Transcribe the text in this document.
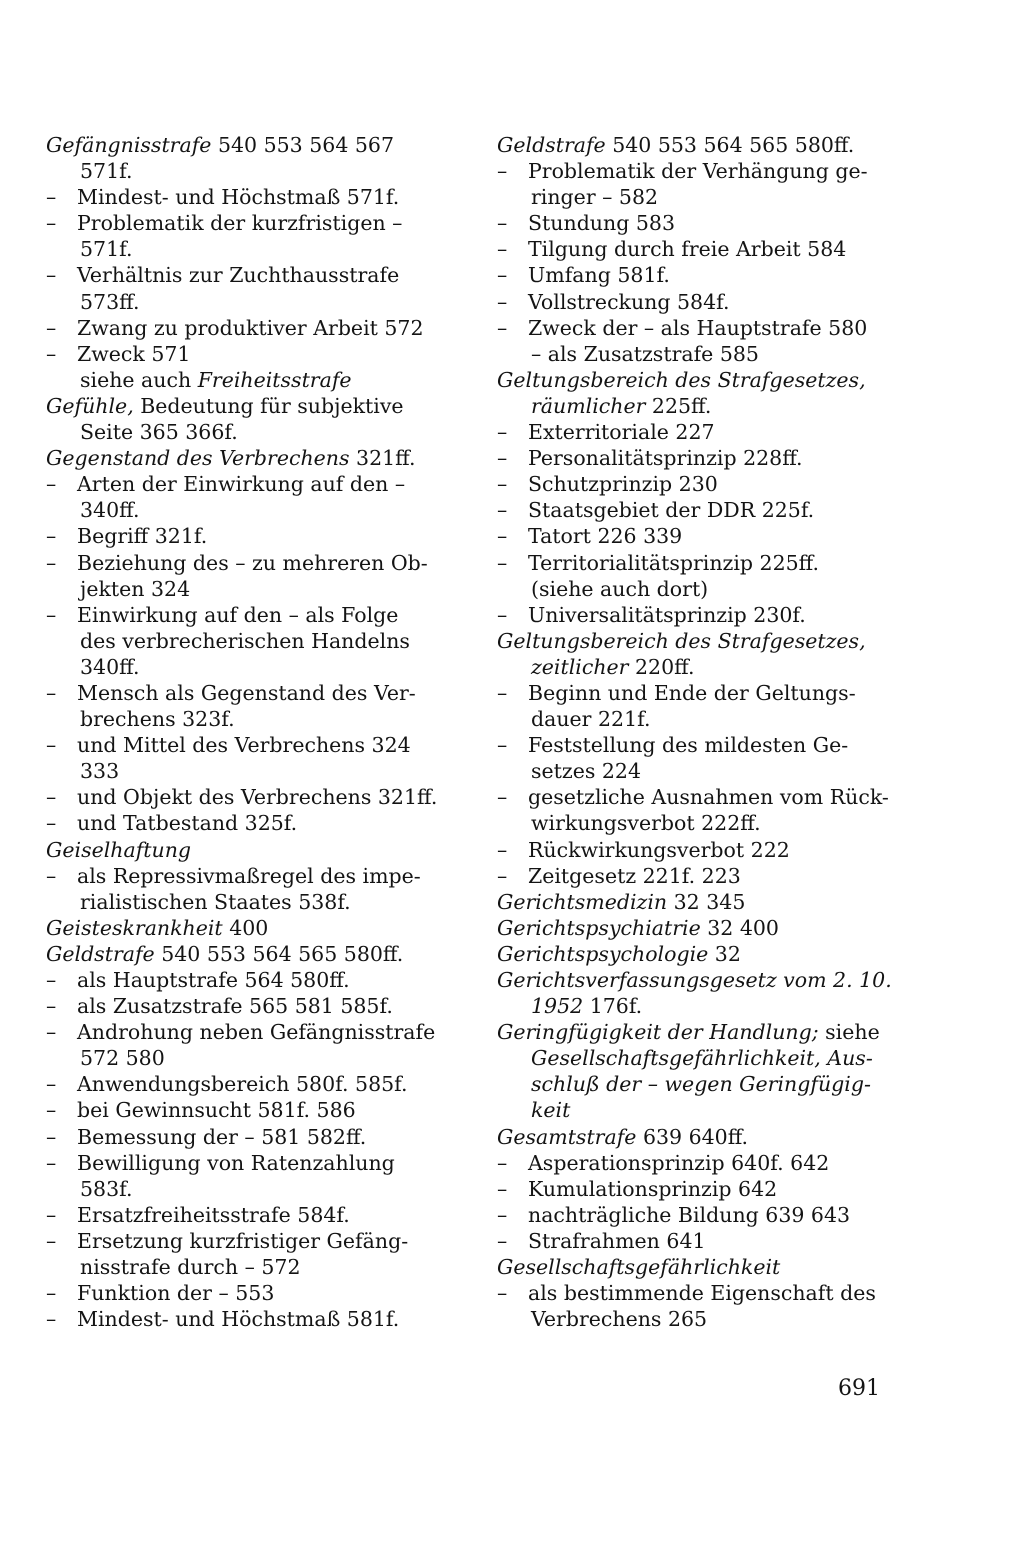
Gefängnisstrafe 540 553 564 567
571f.
– Mindest- und Höchstmaß 571f.
– Problematik der kurzfristigen –
571f.
– Verhältnis zur Zuchthausstrafe
573ff.
– Zwang zu produktiver Arbeit 572
– Zweck 571
siehe auch Freiheitsstrafe
Gefühle, Bedeutung für subjektive
Seite 365 366f.
Gegenstand des Verbrechens 321ff.
– Arten der Einwirkung auf den –
340ff.
– Begriff 321f.
– Beziehung des – zu mehreren Ob-
jekten 324
– Einwirkung auf den – als Folge
des verbrecherischen Handelns
340ff.
– Mensch als Gegenstand des Ver-
brechens 323f.
– und Mittel des Verbrechens 324
333
– und Objekt des Verbrechens 321ff.
– und Tatbestand 325f.
Geiselhaftung
– als Repressivmaßregel des impe-
rialistischen Staates 538f.
Geisteskrankheit 400
Geldstrafe 540 553 564 565 580ff.
– als Hauptstrafe 564 580ff.
– als Zusatzstrafe 565 581 585f.
– Androhung neben Gefängnisstrafe
572 580
– Anwendungsbereich 580f. 585f.
– bei Gewinnsucht 581f. 586
– Bemessung der – 581 582ff.
– Bewilligung von Ratenzahlung
583f.
– Ersatzfreiheitsstrafe 584f.
– Ersetzung kurzfristiger Gefäng-
nisstrafe durch – 572
– Funktion der – 553
– Mindest- und Höchstmaß 581f.
Geldstrafe 540 553 564 565 580ff.
– Problematik der Verhängung ge-
ringer – 582
– Stundung 583
– Tilgung durch freie Arbeit 584
– Umfang 581f.
– Vollstreckung 584f.
– Zweck der – als Hauptstrafe 580
– als Zusatzstrafe 585
Geltungsbereich des Strafgesetzes,
räumlicher 225ff.
– Exterritoriale 227
– Personalitätsprinzip 228ff.
– Schutzprinzip 230
– Staatsgebiet der DDR 225f.
– Tatort 226 339
– Territorialitätsprinzip 225ff.
(siehe auch dort)
– Universalitätsprinzip 230f.
Geltungsbereich des Strafgesetzes,
zeitlicher 220ff.
– Beginn und Ende der Geltungs-
dauer 221f.
– Feststellung des mildesten Ge-
setzes 224
– gesetzliche Ausnahmen vom Rück-
wirkungsverbot 222ff.
– Rückwirkungsverbot 222
– Zeitgesetz 221f. 223
Gerichtsmedizin 32 345
Gerichtspsychiatrie 32 400
Gerichtspsychologie 32
Gerichtsverfassungsgesetz vom 2. 10.
1952 176f.
Geringfügigkeit der Handlung; siehe
Gesellschaftsgefährlichkeit, Aus-
schluß der – wegen Geringfügig-
keit
Gesamtstrafe 639 640ff.
– Asperationsprinzip 640f. 642
– Kumulationsprinzip 642
– nachträgliche Bildung 639 643
– Strafrahmen 641
Gesellschaftsgefährlichkeit
– als bestimmende Eigenschaft des
Verbrechens 265
691
